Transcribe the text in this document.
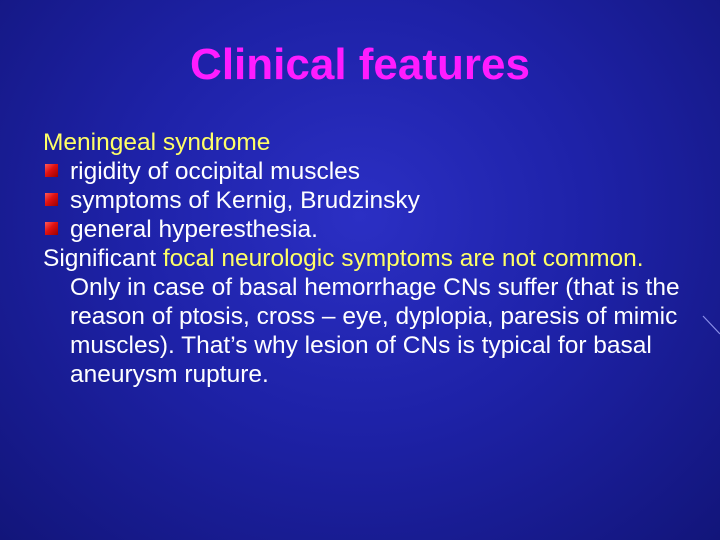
Clinical features
Meningeal syndrome
rigidity of occipital muscles
symptoms of Kernig, Brudzinsky
general hyperesthesia.
Significant focal neurologic symptoms are not common. Only in case of basal hemorrhage CNs suffer (that is the reason of ptosis, cross – eye, dyplopia, paresis of mimic muscles). That’s why lesion of CNs is typical for basal aneurysm rupture.
